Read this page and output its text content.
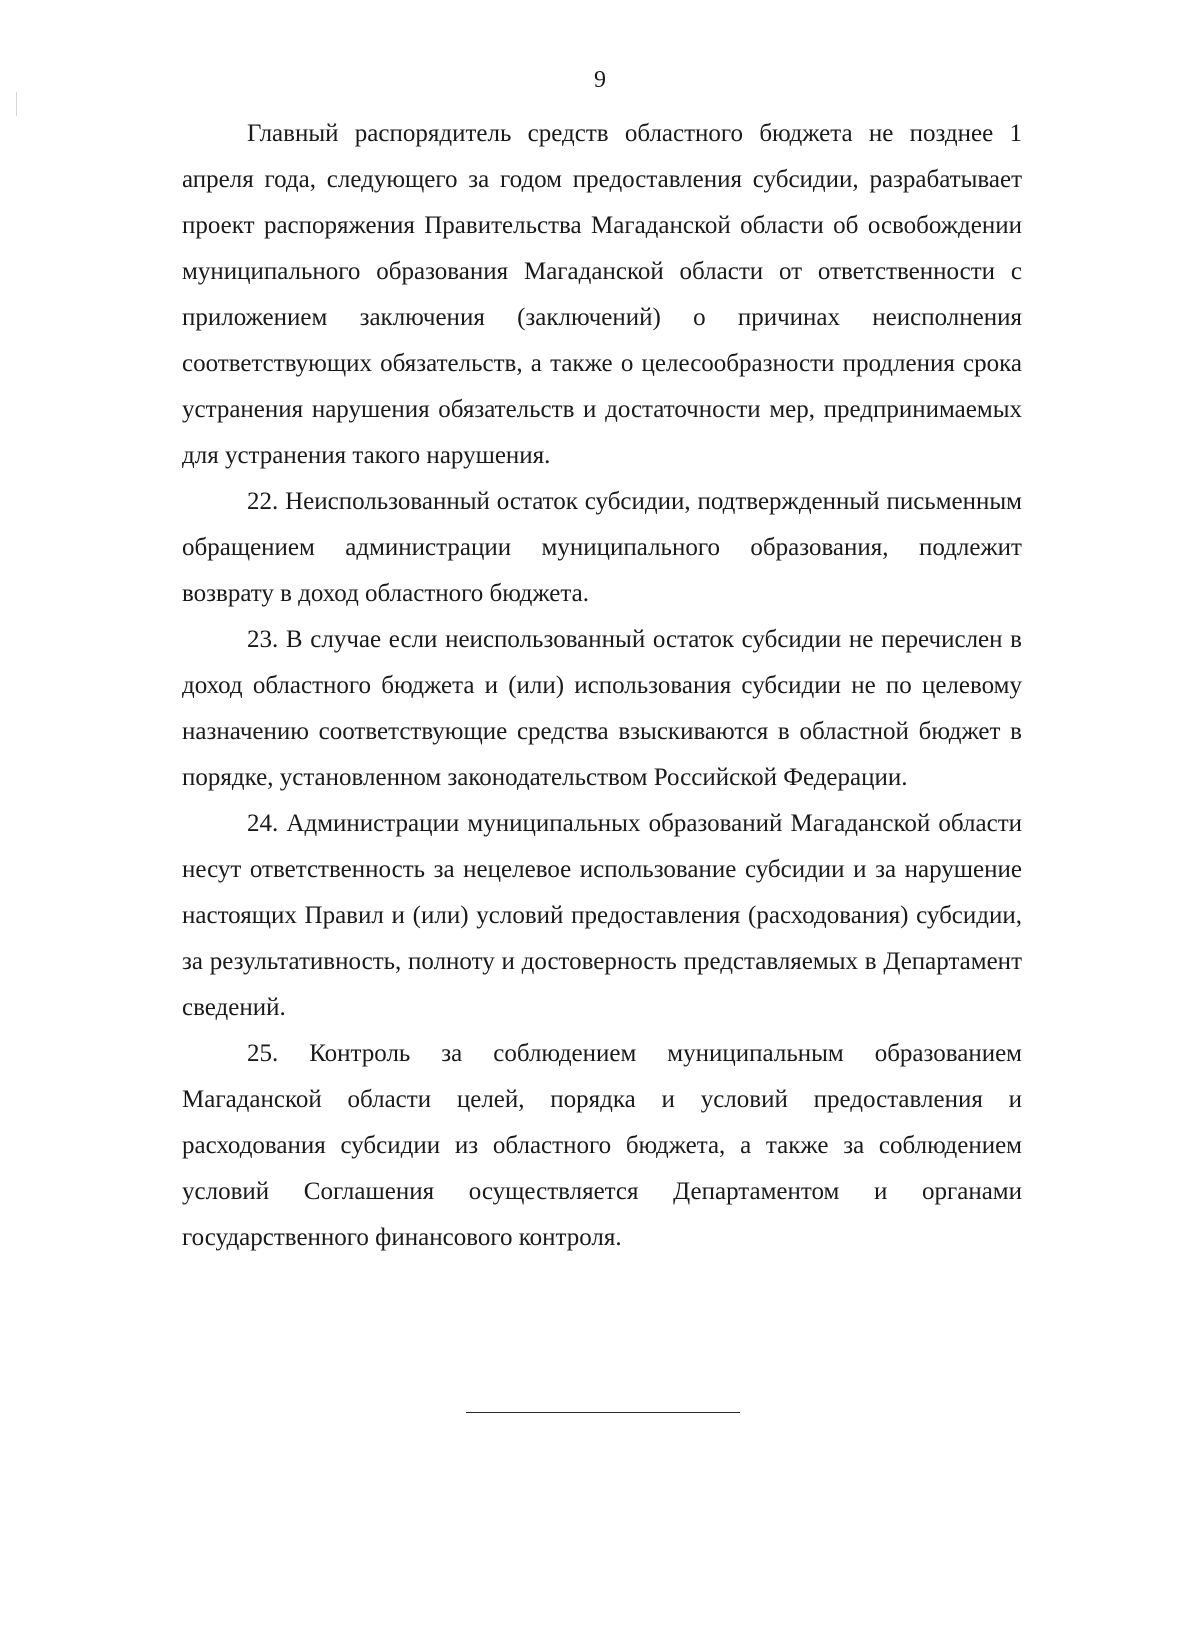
9

Главный распорядитель средств областного бюджета не позднее 1 апреля года, следующего за годом предоставления субсидии, разрабатывает проект распоряжения Правительства Магаданской области об освобождении муниципального образования Магаданской области от ответственности с приложением заключения (заключений) о причинах неисполнения соответствующих обязательств, а также о целесообразности продления срока устранения нарушения обязательств и достаточности мер, предпринимаемых для устранения такого нарушения.

22. Неиспользованный остаток субсидии, подтвержденный письменным обращением администрации муниципального образования, подлежит возврату в доход областного бюджета.

23. В случае если неиспользованный остаток субсидии не перечислен в доход областного бюджета и (или) использования субсидии не по целевому назначению соответствующие средства взыскиваются в областной бюджет в порядке, установленном законодательством Российской Федерации.

24. Администрации муниципальных образований Магаданской области несут ответственность за нецелевое использование субсидии и за нарушение настоящих Правил и (или) условий предоставления (расходования) субсидии, за результативность, полноту и достоверность представляемых в Департамент сведений.

25. Контроль за соблюдением муниципальным образованием Магаданской области целей, порядка и условий предоставления и расходования субсидии из областного бюджета, а также за соблюдением условий Соглашения осуществляется Департаментом и органами государственного финансового контроля.
